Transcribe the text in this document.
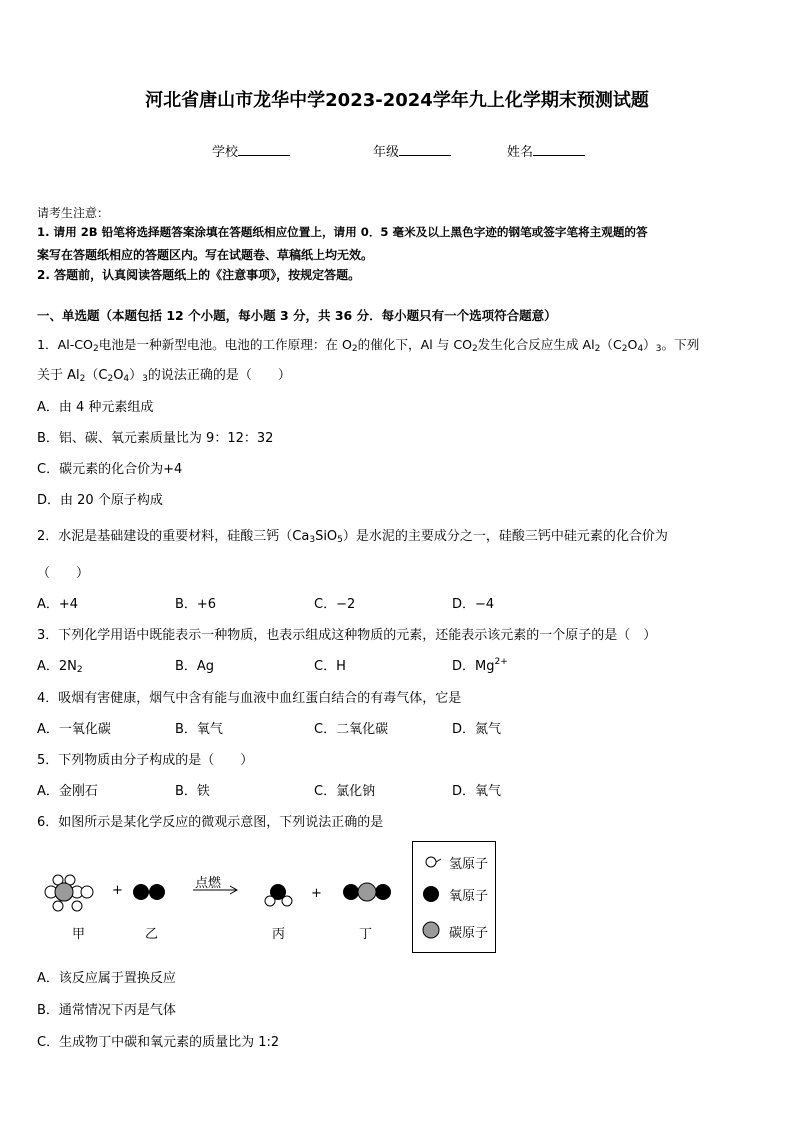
河北省唐山市龙华中学2023-2024学年九上化学期末预测试题
学校	年级	姓名
请考生注意：
1. 请用 2B 铅笔将选择题答案涂填在答题纸相应位置上，请用 0．5 毫米及以上黑色字迹的钢笔或签字笔将主观题的答
案写在答题纸相应的答题区内。写在试题卷、草稿纸上均无效。
2. 答题前，认真阅读答题纸上的《注意事项》，按规定答题。
一、单选题（本题包括 12 个小题，每小题 3 分，共 36 分．每小题只有一个选项符合题意）
1．Al-CO2电池是一种新型电池。电池的工作原理：在 O2的催化下，Al 与 CO2发生化合反应生成 Al2（C2O4）3。下列
关于 Al2（C2O4）3的说法正确的是（　　）
A．由 4 种元素组成
B．铝、碳、氧元素质量比为 9：12：32
C．碳元素的化合价为+4
D．由 20 个原子构成
2．水泥是基础建设的重要材料，硅酸三钙（Ca3SiO5）是水泥的主要成分之一，硅酸三钙中硅元素的化合价为
（　　）
A．+4	B．+6	C．−2	D．−4
3．下列化学用语中既能表示一种物质，也表示组成这种物质的元素，还能表示该元素的一个原子的是（　）
A．2N2	B．Ag	C．H	D．$Mg^{2+}$
4．吸烟有害健康，烟气中含有能与血液中血红蛋白结合的有毒气体，它是
A．一氧化碳	B．氧气	C．二氧化碳	D．氮气
5．下列物质由分子构成的是（　　）
A．金刚石	B．铁	C．氯化钠	D．氧气
6．如图所示是某化学反应的微观示意图，下列说法正确的是
+	+
点燃
甲	乙	丙	丁
氢原子
氧原子
碳原子
A．该反应属于置换反应
B．通常情况下丙是气体
C．生成物丁中碳和氧元素的质量比为 1:2
